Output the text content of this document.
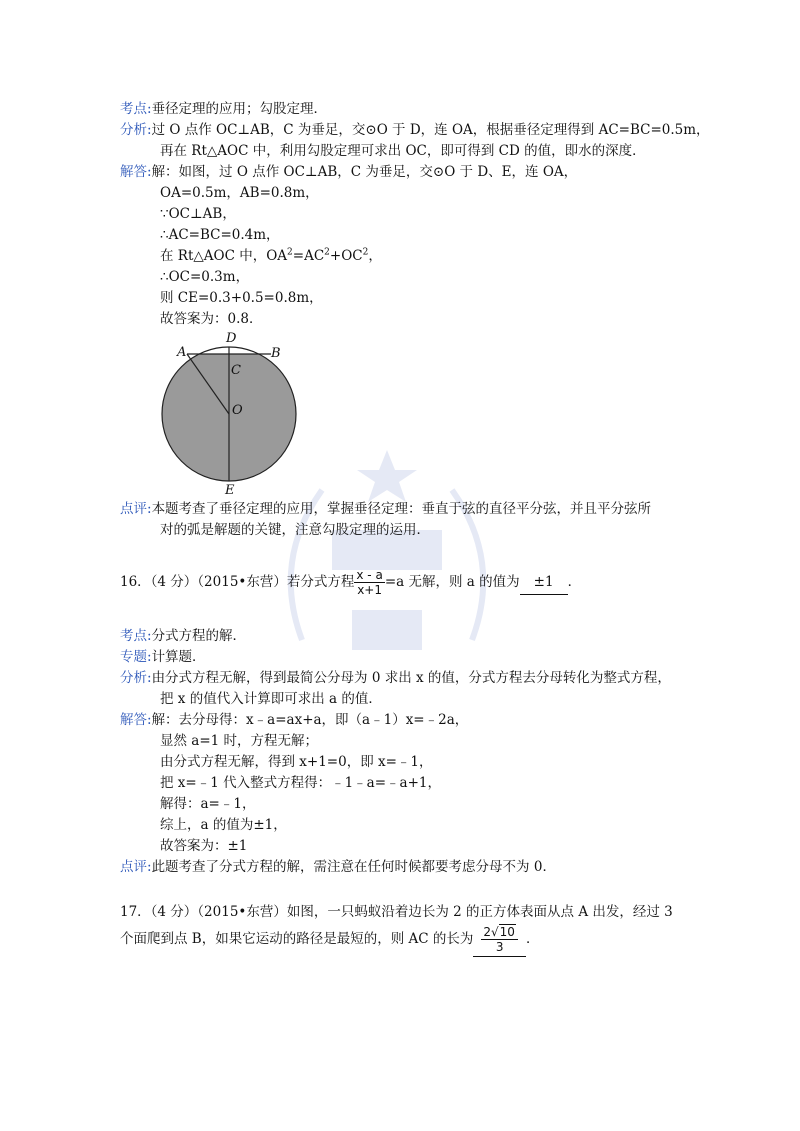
考点:垂径定理的应用；勾股定理．
分析:过 O 点作 OC⊥AB，C 为垂足，交⊙O 于 D，连 OA，根据垂径定理得到 AC=BC=0.5m，
再在 Rt△AOC 中，利用勾股定理可求出 OC，即可得到 CD 的值，即水的深度．
解答:解：如图，过 O 点作 OC⊥AB，C 为垂足，交⊙O 于 D、E，连 OA，
OA=0.5m，AB=0.8m，
∵OC⊥AB，
∴AC=BC=0.4m，
在 Rt△AOC 中，$OA^2=AC^2+OC^2$，
∴OC=0.3m，
则 CE=0.3+0.5=0.8m，
故答案为：0.8．
A	B
D
C
O
E
点评:本题考查了垂径定理的应用，掌握垂径定理：垂直于弦的直径平分弦，并且平分弦所
对的弧是解题的关键，注意勾股定理的运用．
16．（4 分）（2015•东营）若分式方程 $\frac{x - a}{x+1} =a$ 无解，则 a 的值为 ±1 ．
考点:分式方程的解．
专题:计算题．
分析:由分式方程无解，得到最简公分母为 0 求出 x 的值，分式方程去分母转化为整式方程，
把 x 的值代入计算即可求出 a 的值．
解答:解：去分母得：x﹣a=ax+a，即（a﹣1）x=﹣2a，
显然 a=1 时，方程无解；
由分式方程无解，得到 x+1=0，即 x=﹣1，
把 x=﹣1 代入整式方程得：﹣1﹣a=﹣a+1，
解得：a=﹣1，
综上，a 的值为±1，
故答案为：±1
点评:此题考查了分式方程的解，需注意在任何时候都要考虑分母不为 0．
17．（4 分）（2015•东营）如图，一只蚂蚁沿着边长为 2 的正方体表面从点 A 出发，经过 3
个面爬到点 B，如果它运动的路径是最短的，则 AC 的长为 $\frac{2√10}{3}$ ．
